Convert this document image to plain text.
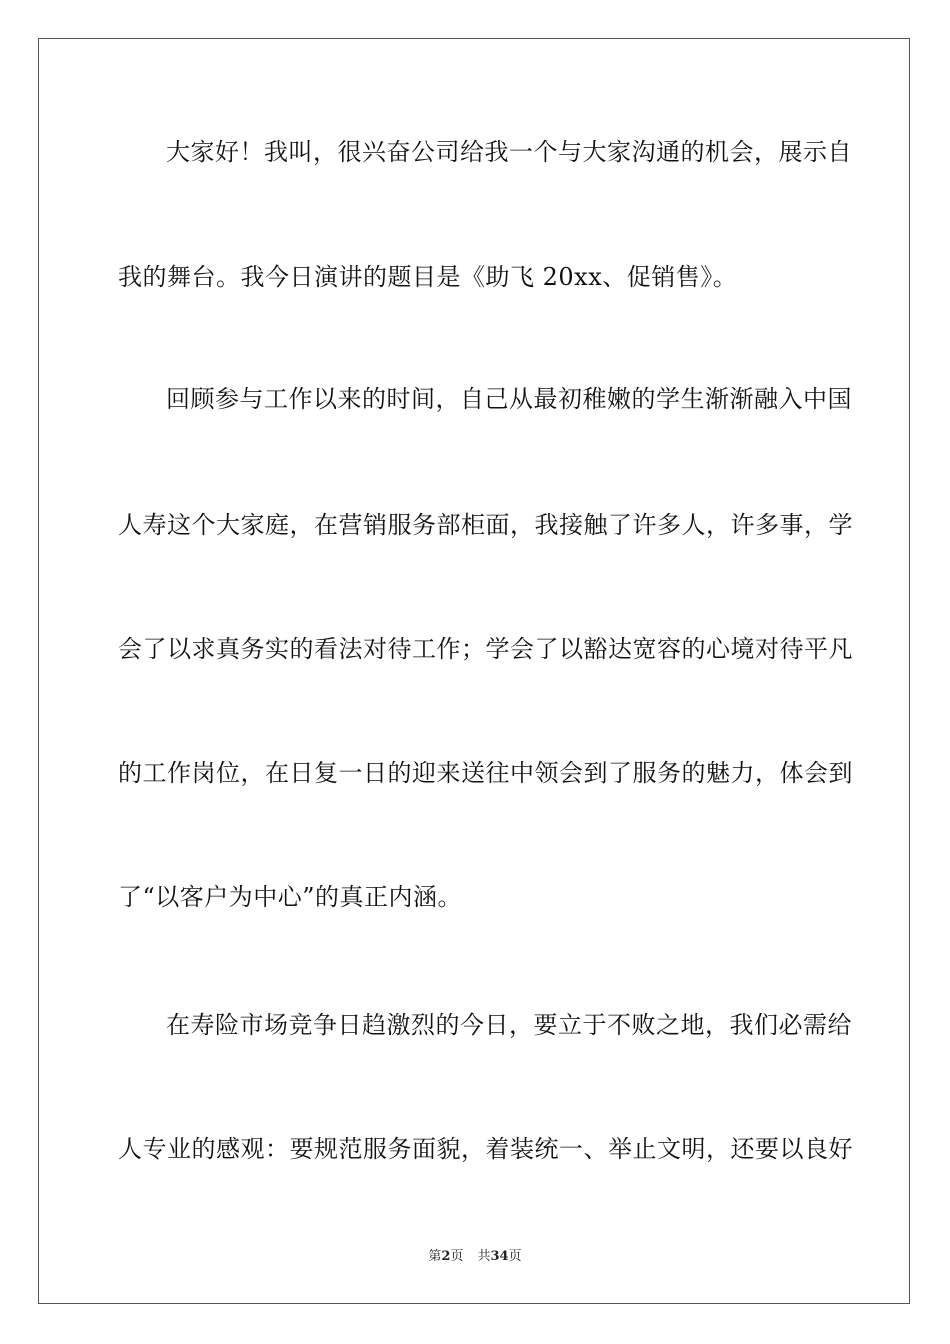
大家好！我叫，很兴奋公司给我一个与大家沟通的机会，展示自
我的舞台。我今日演讲的题目是《助飞 20xx、促销售》。
回顾参与工作以来的时间，自己从最初稚嫩的学生渐渐融入中国
人寿这个大家庭，在营销服务部柜面，我接触了许多人，许多事，学
会了以求真务实的看法对待工作；学会了以豁达宽容的心境对待平凡
的工作岗位，在日复一日的迎来送往中领会到了服务的魅力，体会到
了“以客户为中心”的真正内涵。
在寿险市场竞争日趋激烈的今日，要立于不败之地，我们必需给
人专业的感观：要规范服务面貌，着装统一、举止文明，还要以良好
第2页 共34页
